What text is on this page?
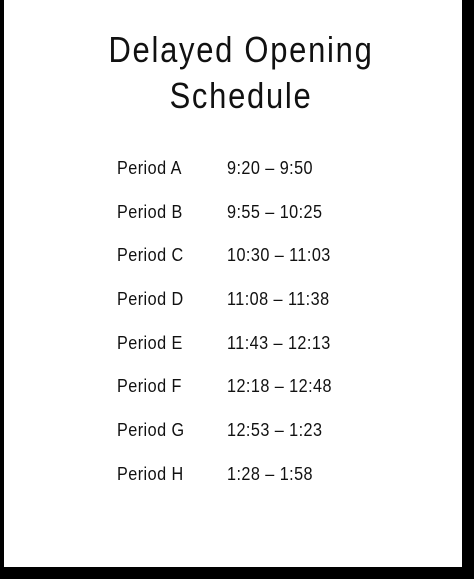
Delayed Opening
Schedule
Period A	9:20 – 9:50
Period B 9:55 – 10:25
Period C 10:30 – 11:03
Period D 11:08 – 11:38
Period E 11:43 – 12:13
Period F	12:18 – 12:48
Period G 12:53 – 1:23
Period H 1:28 – 1:58
